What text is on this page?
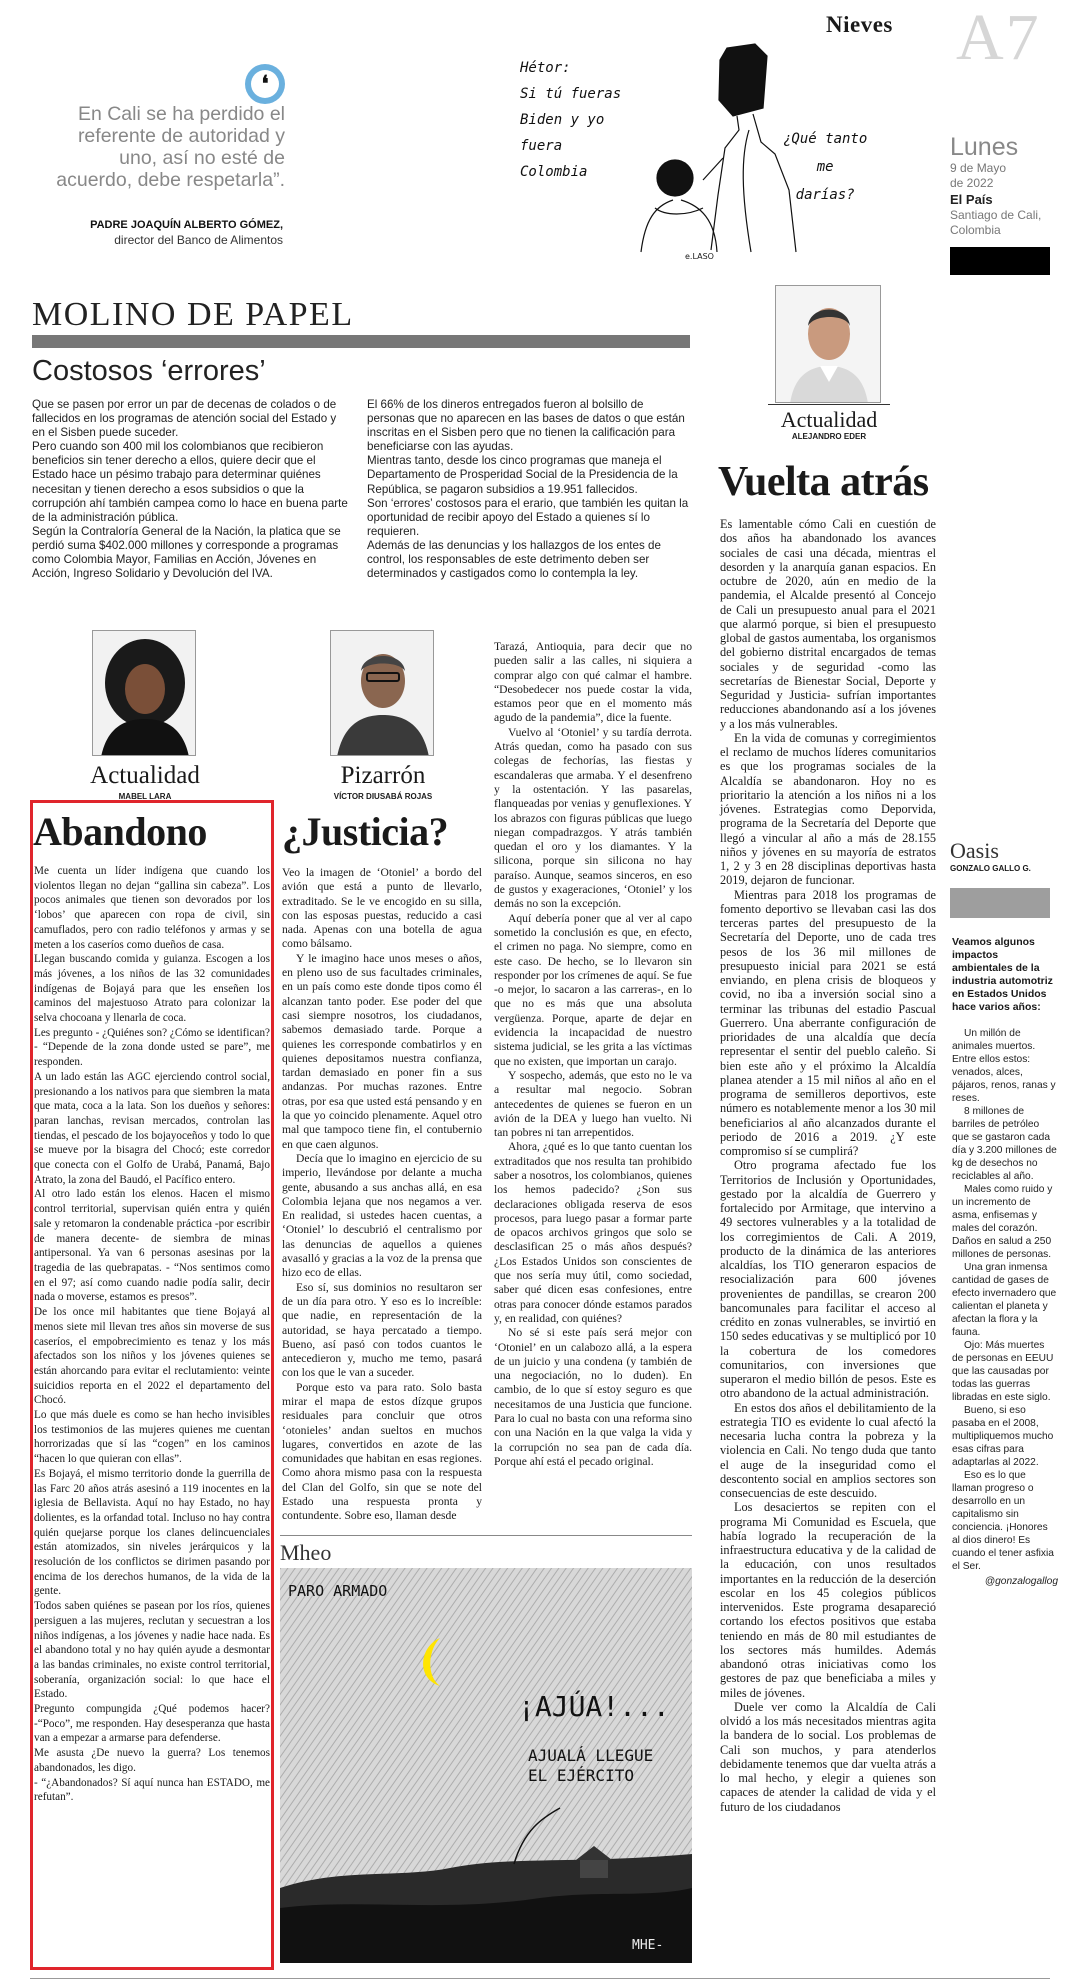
Nieves A7
Lunes
9 de Mayo
de 2022
El País
Santiago de Cali,
Colombia
❛
En Cali se ha perdido el referente de autoridad y uno, así no esté de acuerdo, debe respetarla”.
PADRE JOAQUÍN ALBERTO GÓMEZ,
director del Banco de Alimentos
Hétor:
Si tú fueras
Biden y yo
fuera
Colombia
¿Qué tanto
me
darías?
e.LASO
MOLINO DE PAPEL
Costosos ‘errores’
Que se pasen por error un par de decenas de colados o de fallecidos en los programas de atención social del Estado y en el Sisben puede suceder.
Pero cuando son 400 mil los colombianos que recibieron beneficios sin tener derecho a ellos, quiere decir que el Estado hace un pésimo trabajo para determinar quiénes necesitan y tienen derecho a esos subsidios o que la corrupción ahí también campea como lo hace en buena parte de la administración pública.
Según la Contraloría General de la Nación, la platica que se perdió suma $402.000 millones y corresponde a programas como Colombia Mayor, Familias en Acción, Jóvenes en Acción, Ingreso Solidario y Devolución del IVA.
El 66% de los dineros entregados fueron al bolsillo de personas que no aparecen en las bases de datos o que están inscritas en el Sisben pero que no tienen la calificación para beneficiarse con las ayudas.
Mientras tanto, desde los cinco programas que maneja el Departamento de Prosperidad Social de la Presidencia de la República, se pagaron subsidios a 19.951 fallecidos.
Son ‘errores’ costosos para el erario, que también les quitan la oportunidad de recibir apoyo del Estado a quienes sí lo requieren.
Además de las denuncias y los hallazgos de los entes de control, los responsables de este detrimento deben ser determinados y castigados como lo contempla la ley.
Actualidad
ALEJANDRO EDER
Vuelta atrás

Es lamentable cómo Cali en cuestión de dos años ha abandonado los avances sociales de casi una década, mientras el desorden y la anarquía ganan espacios. En octubre de 2020, aún en medio de la pandemia, el Alcalde presentó al Concejo de Cali un presupuesto anual para el 2021 que alarmó porque, si bien el presupuesto global de gastos aumentaba, los organismos del gobierno distrital encargados de temas sociales y de seguridad -como las secretarías de Bienestar Social, Deporte y Seguridad y Justicia- sufrían importantes reducciones abandonando así a los jóvenes y a los más vulnerables.

En la vida de comunas y corregimientos el reclamo de muchos líderes comunitarios es que los programas sociales de la Alcaldía se abandonaron. Hoy no es prioritario la atención a los niños ni a los jóvenes. Estrategias como Deporvida, programa de la Secretaría del Deporte que llegó a vincular al año a más de 28.155 niños y jóvenes en su mayoría de estratos 1, 2 y 3 en 28 disciplinas deportivas hasta 2019, dejaron de funcionar.

Mientras para 2018 los programas de fomento deportivo se llevaban casi las dos terceras partes del presupuesto de la Secretaría del Deporte, uno de cada tres pesos de los 36 mil millones de presupuesto inicial para 2021 se está enviando, en plena crisis de bloqueos y covid, no iba a inversión social sino a terminar las tribunas del estadio Pascual Guerrero. Una aberrante configuración de prioridades de una alcaldía que decía representar el sentir del pueblo caleño. Si bien este año y el próximo la Alcaldía planea atender a 15 mil niños al año en el programa de semilleros deportivos, este número es notablemente menor a los 30 mil beneficiarios al año alcanzados durante el periodo de 2016 a 2019. ¿Y este compromiso sí se cumplirá?

Otro programa afectado fue los Territorios de Inclusión y Oportunidades, gestado por la alcaldía de Guerrero y fortalecido por Armitage, que intervino a 49 sectores vulnerables y a la totalidad de los corregimientos de Cali. A 2019, producto de la dinámica de las anteriores alcaldías, los TIO generaron espacios de resocialización para 600 jóvenes provenientes de pandillas, se crearon 200 bancomunales para facilitar el acceso al crédito en zonas vulnerables, se invirtió en 150 sedes educativas y se multiplicó por 10 la cobertura de los comedores comunitarios, con inversiones que superaron el medio billón de pesos. Este es otro abandono de la actual administración.

En estos dos años el debilitamiento de la estrategia TIO es evidente lo cual afectó la necesaria lucha contra la pobreza y la violencia en Cali. No tengo duda que tanto el auge de la inseguridad como el descontento social en amplios sectores son consecuencias de este descuido.

Los desaciertos se repiten con el programa Mi Comunidad es Escuela, que había logrado la recuperación de la infraestructura educativa y de la calidad de la educación, con unos resultados importantes en la reducción de la deserción escolar en los 45 colegios públicos intervenidos. Este programa desapareció cortando los efectos positivos que estaba teniendo en más de 80 mil estudiantes de los sectores más humildes. Además abandonó otras iniciativas como los gestores de paz que beneficiaba a miles y miles de jóvenes.

Duele ver como la Alcaldía de Cali olvidó a los más necesitados mientras agita la bandera de lo social. Los problemas de Cali son muchos, y para atenderlos debidamente tenemos que dar vuelta atrás a lo mal hecho, y elegir a quienes son capaces de atender la calidad de vida y el futuro de los ciudadanos

Oasis
GONZALO GALLO G.
Veamos algunos impactos ambientales de la industria automotriz en Estados Unidos hace varios años:

Un millón de animales muertos. Entre ellos estos: venados, alces, pájaros, renos, ranas y reses.

8 millones de barriles de petróleo que se gastaron cada día y 3.200 millones de kg de desechos no reciclables al año.

Males como ruido y un incremento de asma, enfisemas y males del corazón. Daños en salud a 250 millones de personas.

Una gran inmensa cantidad de gases de efecto invernadero que calientan el planeta y afectan la flora y la fauna.

Ojo: Más muertes de personas en EEUU que las causadas por todas las guerras libradas en este siglo.

Bueno, si eso pasaba en el 2008, multipliquemos mucho esas cifras para adaptarlas al 2022.

Eso es lo que llaman progreso o desarrollo en un capitalismo sin conciencia. ¡Honores al dios dinero! Es cuando el tener asfixia el Ser.

@gonzalogallog

Actualidad
MABEL LARA
Pizarrón
VÍCTOR DIUSABÁ ROJAS
Abandono

Me cuenta un líder indígena que cuando los violentos llegan no dejan “gallina sin cabeza”. Los pocos animales que tienen son devorados por los ‘lobos’ que aparecen con ropa de civil, sin camuflados, pero con radio teléfonos y armas y se meten a los caseríos como dueños de casa.

Llegan buscando comida y guianza. Escogen a los más jóvenes, a los niños de las 32 comunidades indígenas de Bojayá para que les enseñen los caminos del majestuoso Atrato para colonizar la selva chocoana y llenarla de coca.

Les pregunto - ¿Quiénes son? ¿Cómo se identifican? - “Depende de la zona donde usted se pare”, me responden.

A un lado están las AGC ejerciendo control social, presionando a los nativos para que siembren la mata que mata, coca a la lata. Son los dueños y señores: paran lanchas, revisan mercados, controlan las tiendas, el pescado de los bojayoceños y todo lo que se mueve por la bisagra del Chocó; este corredor que conecta con el Golfo de Urabá, Panamá, Bajo Atrato, la zona del Baudó, el Pacífico entero.

Al otro lado están los elenos. Hacen el mismo control territorial, supervisan quién entra y quién sale y retomaron la condenable práctica -por escribir de manera decente- de siembra de minas antipersonal. Ya van 6 personas asesinas por la tragedia de las quebrapatas. - “Nos sentimos como en el 97; así como cuando nadie podía salir, decir nada o moverse, estamos es presos”.

De los once mil habitantes que tiene Bojayá al menos siete mil llevan tres años sin moverse de sus caseríos, el empobrecimiento es tenaz y los más afectados son los niños y los jóvenes quienes se están ahorcando para evitar el reclutamiento: veinte suicidios reporta en el 2022 el departamento del Chocó.

Lo que más duele es como se han hecho invisibles los testimonios de las mujeres quienes me cuentan horrorizadas que sí las “cogen” en los caminos “hacen lo que quieran con ellas”.

Es Bojayá, el mismo territorio donde la guerrilla de las Farc 20 años atrás asesinó a 119 inocentes en la iglesia de Bellavista. Aquí no hay Estado, no hay dolientes, es la orfandad total. Incluso no hay contra quién quejarse porque los clanes delincuenciales están atomizados, sin niveles jerárquicos y la resolución de los conflictos se dirimen pasando por encima de los derechos humanos, de la vida de la gente.

Todos saben quiénes se pasean por los ríos, quienes persiguen a las mujeres, reclutan y secuestran a los niños indígenas, a los jóvenes y nadie hace nada. Es el abandono total y no hay quién ayude a desmontar a las bandas criminales, no existe control territorial, soberanía, organización social: lo que hace el Estado.

Pregunto compungida ¿Qué podemos hacer? -“Poco”, me responden. Hay desesperanza que hasta van a empezar a armarse para defenderse.

Me asusta ¿De nuevo la guerra? Los tenemos abandonados, les digo.

- “¿Abandonados? Sí aquí nunca han ESTADO, me refutan”.

¿Justicia?

Veo la imagen de ‘Otoniel’ a bordo del avión que está a punto de llevarlo, extraditado. Se le ve encogido en su silla, con las esposas puestas, reducido a casi nada. Apenas con una botella de agua como bálsamo.

Y le imagino hace unos meses o años, en pleno uso de sus facultades criminales, en un país como este donde tipos como él alcanzan tanto poder. Ese poder del que casi siempre nosotros, los ciudadanos, sabemos demasiado tarde. Porque a quienes les corresponde combatirlos y en quienes depositamos nuestra confianza, tardan demasiado en poner fin a sus andanzas. Por muchas razones. Entre otras, por esa que usted está pensando y en la que yo coincido plenamente. Aquel otro mal que tampoco tiene fin, el contubernio en que caen algunos.

Decía que lo imagino en ejercicio de su imperio, llevándose por delante a mucha gente, abusando a sus anchas allá, en esa Colombia lejana que nos negamos a ver. En realidad, si ustedes hacen cuentas, a ‘Otoniel’ lo descubrió el centralismo por las denuncias de aquellos a quienes avasalló y gracias a la voz de la prensa que hizo eco de ellas.

Eso sí, sus dominios no resultaron ser de un día para otro. Y eso es lo increíble: que nadie, en representación de la autoridad, se haya percatado a tiempo. Bueno, así pasó con todos cuantos le antecedieron y, mucho me temo, pasará con los que le van a suceder.

Porque esto va para rato. Solo basta mirar el mapa de estos dízque grupos residuales para concluir que otros ‘otonieles’ andan sueltos en muchos lugares, convertidos en azote de las comunidades que habitan en esas regiones. Como ahora mismo pasa con la respuesta del Clan del Golfo, sin que se note del Estado una respuesta pronta y contundente. Sobre eso, llaman desde

Tarazá, Antioquia, para decir que no pueden salir a las calles, ni siquiera a comprar algo con qué calmar el hambre. “Desobedecer nos puede costar la vida, estamos peor que en el momento más agudo de la pandemia”, dice la fuente.

Vuelvo al ‘Otoniel’ y su tardía derrota. Atrás quedan, como ha pasado con sus colegas de fechorías, las fiestas y escandaleras que armaba. Y el desenfreno y la ostentación. Y las pasarelas, flanqueadas por venias y genuflexiones. Y los abrazos con figuras públicas que luego niegan compadrazgos. Y atrás también quedan el oro y los diamantes. Y la silicona, porque sin silicona no hay paraíso. Aunque, seamos sinceros, en eso de gustos y exageraciones, ‘Otoniel’ y los demás no son la excepción.

Aquí debería poner que al ver al capo sometido la conclusión es que, en efecto, el crimen no paga. No siempre, como en este caso. De hecho, se lo llevaron sin responder por los crímenes de aquí. Se fue -o mejor, lo sacaron a las carreras-, en lo que no es más que una absoluta vergüenza. Porque, aparte de dejar en evidencia la incapacidad de nuestro sistema judicial, se les grita a las víctimas que no existen, que importan un carajo.

Y sospecho, además, que esto no le va a resultar mal negocio. Sobran antecedentes de quienes se fueron en un avión de la DEA y luego han vuelto. Ni tan pobres ni tan arrepentidos.

Ahora, ¿qué es lo que tanto cuentan los extraditados que nos resulta tan prohibido saber a nosotros, los colombianos, quienes los hemos padecido? ¿Son sus declaraciones obligada reserva de esos procesos, para luego pasar a formar parte de opacos archivos gringos que solo se desclasifican 25 o más años después? ¿Los Estados Unidos son conscientes de que nos sería muy útil, como sociedad, saber qué dicen esas confesiones, entre otras para conocer dónde estamos parados y, en realidad, con quiénes?

No sé si este país será mejor con ‘Otoniel’ en un calabozo allá, a la espera de un juicio y una condena (y también de una negociación, no lo duden). En cambio, de lo que sí estoy seguro es que necesitamos de una Justicia que funcione. Para lo cual no basta con una reforma sino con una Nación en la que valga la vida y la corrupción no sea pan de cada día. Porque ahí está el pecado original.

Mheo
PARO ARMADO
¡AJÚA!...
AJUALÁ LLEGUE
EL EJÉRCITO
MHE-
